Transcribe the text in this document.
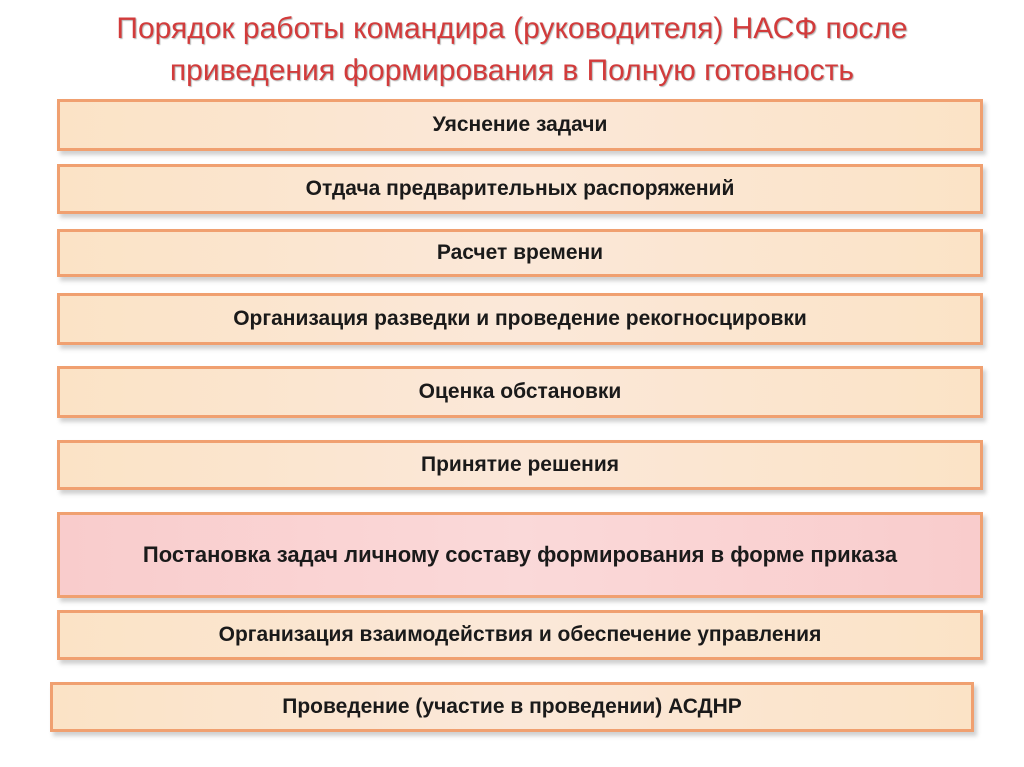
Порядок работы командира (руководителя) НАСФ после
приведения формирования в Полную готовность
Уяснение задачи
Отдача предварительных распоряжений
Расчет времени
Организация разведки и проведение рекогносцировки
Оценка обстановки
Принятие решения
Постановка задач личному составу формирования в форме приказа
Организация взаимодействия и обеспечение управления
Проведение (участие в проведении) АСДНР
